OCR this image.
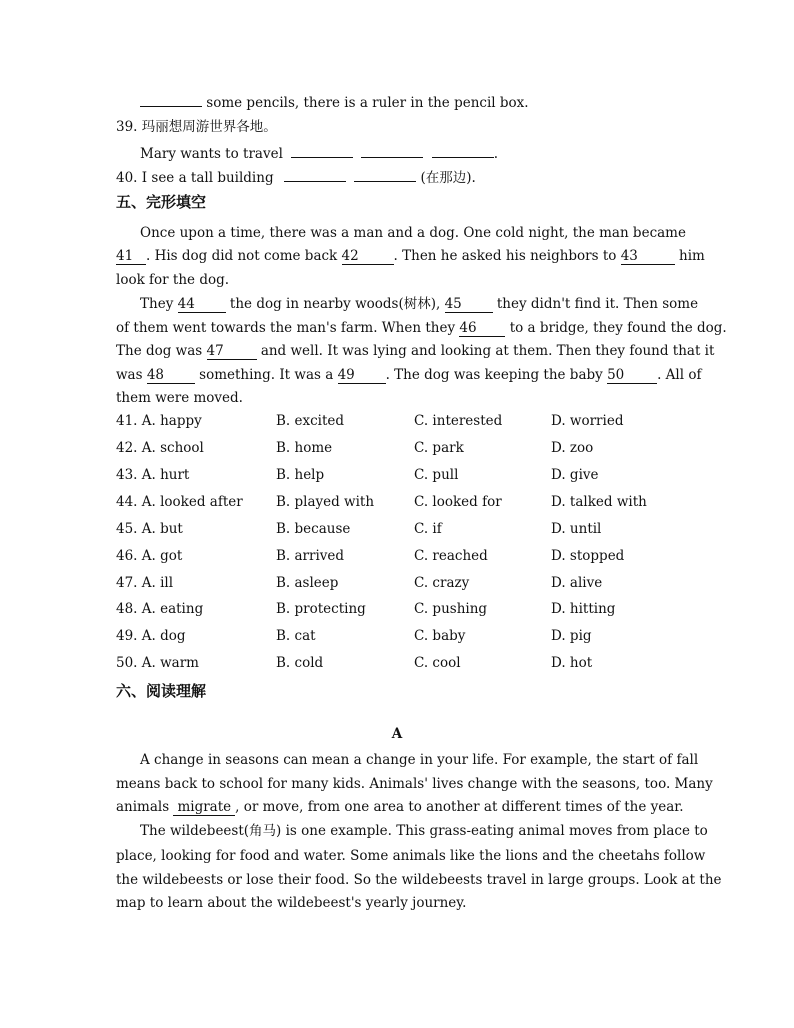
some pencils, there is a ruler in the pencil box.
39. 玛丽想周游世界各地。
Mary wants to travel	.
40. I see a tall building	(在那边).
五、完形填空
Once upon a time, there was a man and a dog. One cold night, the man became
41 . His dog did not come back 42	. Then he asked his neighbors to 43	him
look for the dog.
They 44	the dog in nearby woods(树林), 45	they didn't find it. Then some
of them went towards the man's farm. When they 46 to a bridge, they found the dog.
The dog was 47	and well. It was lying and looking at them. Then they found that it
was 48	something. It was a 49 . The dog was keeping the baby 50 . All of
them were moved.
41. A. happy	B. excited	C. interested	D. worried
42. A. school	B. home	C. park	D. zoo
43. A. hurt	B. help	C. pull	D. give
44. A. looked after B. played with	C. looked for	D. talked with
45. A. but	B. because	C. if	D. until
46. A. got	B. arrived	C. reached	D. stopped
47. A. ill	B. asleep	C. crazy	D. alive
48. A. eating	B. protecting	C. pushing	D. hitting
49. A. dog	B. cat	C. baby	D. pig
50. A. warm	B. cold	C. cool	D. hot
六、阅读理解
A
A change in seasons can mean a change in your life. For example, the start of fall
means back to school for many kids. Animals' lives change with the seasons, too. Many
animals migrate , or move, from one area to another at different times of the year.
The wildebeest(角马) is one example. This grass-eating animal moves from place to
place, looking for food and water. Some animals like the lions and the cheetahs follow
the wildebeests or lose their food. So the wildebeests travel in large groups. Look at the
map to learn about the wildebeest's yearly journey.
